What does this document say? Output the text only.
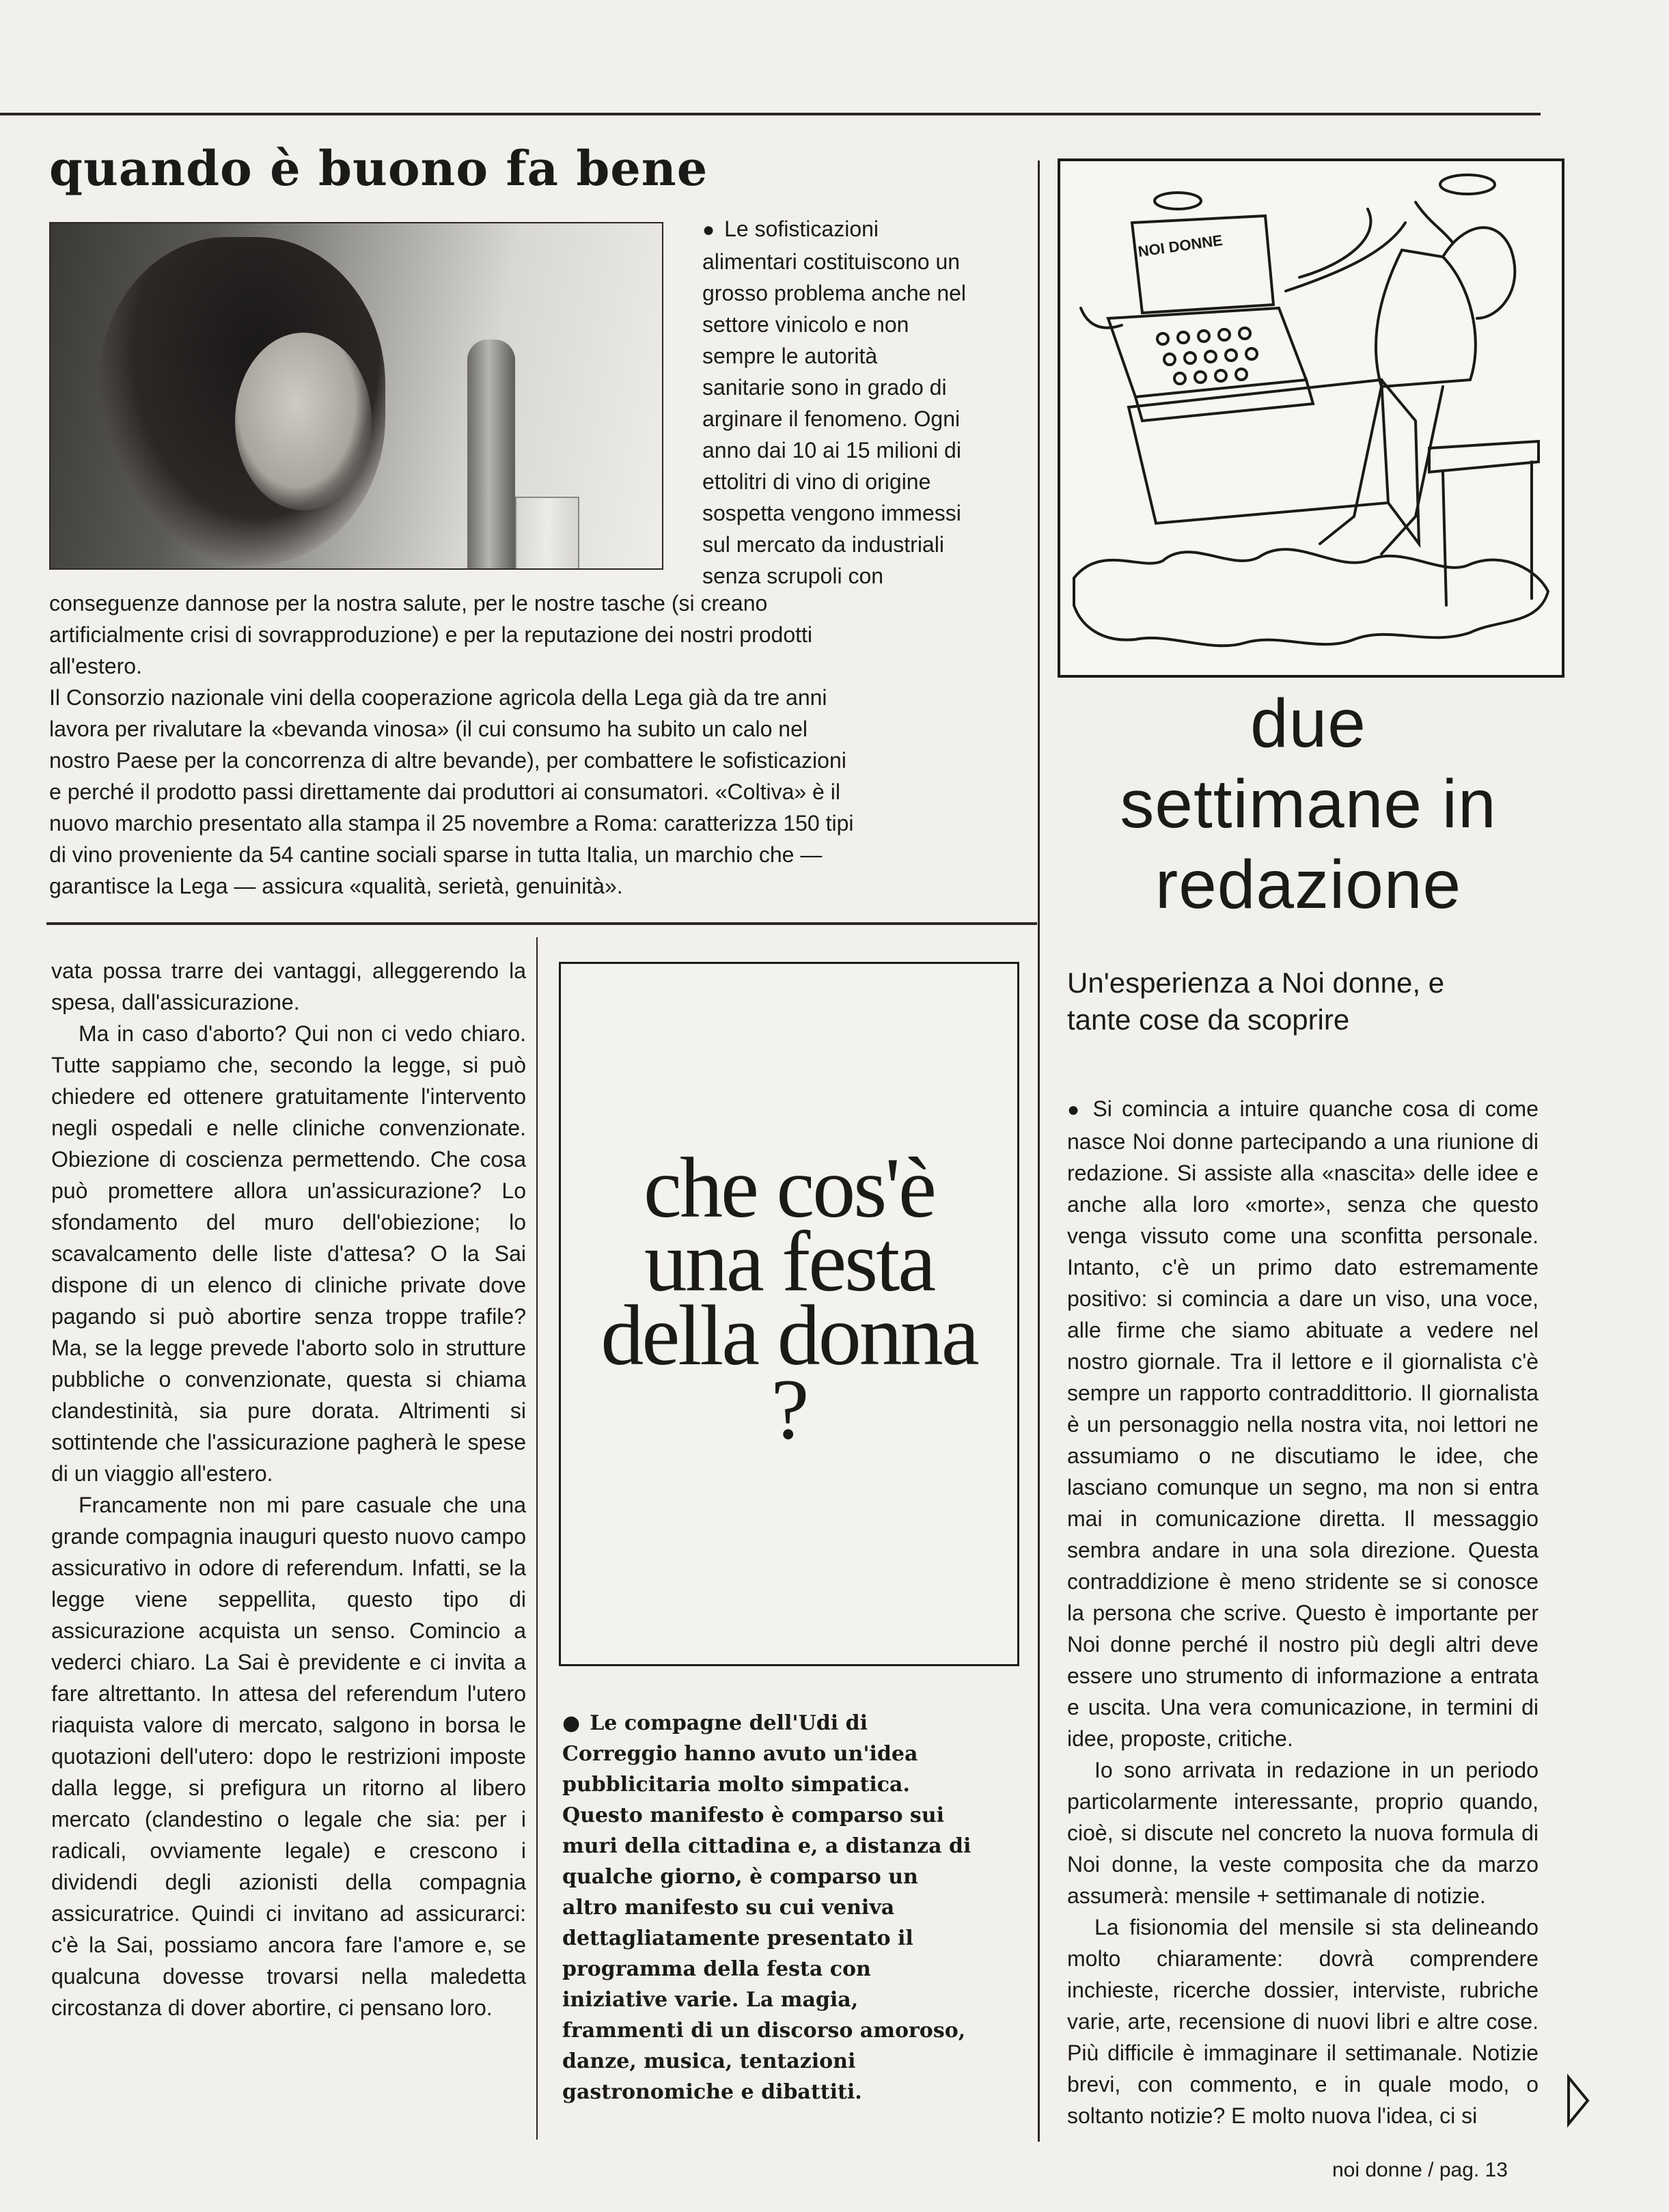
quando è buono fa bene
● Le sofisticazioni
alimentari costituiscono un
grosso problema anche nel
settore vinicolo e non
sempre le autorità
sanitarie sono in grado di
arginare il fenomeno. Ogni
anno dai 10 ai 15 milioni di
ettolitri di vino di origine
sospetta vengono immessi
sul mercato da industriali
senza scrupoli con
conseguenze dannose per la nostra salute, per le nostre tasche (si creano
artificialmente crisi di sovrapproduzione) e per la reputazione dei nostri prodotti
all'estero.
Il Consorzio nazionale vini della cooperazione agricola della Lega già da tre anni
lavora per rivalutare la «bevanda vinosa» (il cui consumo ha subito un calo nel
nostro Paese per la concorrenza di altre bevande), per combattere le sofisticazioni
e perché il prodotto passi direttamente dai produttori ai consumatori. «Coltiva» è il
nuovo marchio presentato alla stampa il 25 novembre a Roma: caratterizza 150 tipi
di vino proveniente da 54 cantine sociali sparse in tutta Italia, un marchio che —
garantisce la Lega — assicura «qualità, serietà, genuinità».

vata possa trarre dei vantaggi, alleggerendo la spesa, dall'assicurazione.

Ma in caso d'aborto? Qui non ci vedo chiaro. Tutte sappiamo che, secondo la legge, si può chiedere ed ottenere gratuitamente l'intervento negli ospedali e nelle cliniche convenzionate. Obiezione di coscienza permettendo. Che cosa può promettere allora un'assicurazione? Lo sfondamento del muro dell'obiezione; lo scavalcamento delle liste d'attesa? O la Sai dispone di un elenco di cliniche private dove pagando si può abortire senza troppe trafile? Ma, se la legge prevede l'aborto solo in strutture pubbliche o convenzionate, questa si chiama clandestinità, sia pure dorata. Altrimenti si sottintende che l'assicurazione pagherà le spese di un viaggio all'estero.

Francamente non mi pare casuale che una grande compagnia inauguri questo nuovo campo assicurativo in odore di referendum. Infatti, se la legge viene seppellita, questo tipo di assicurazione acquista un senso. Comincio a vederci chiaro. La Sai è previdente e ci invita a fare altrettanto. In attesa del referendum l'utero riaquista valore di mercato, salgono in borsa le quotazioni dell'utero: dopo le restrizioni imposte dalla legge, si prefigura un ritorno al libero mercato (clandestino o legale che sia: per i radicali, ovviamente legale) e crescono i dividendi degli azionisti della compagnia assicuratrice. Quindi ci invitano ad assicurarci: c'è la Sai, possiamo ancora fare l'amore e, se qualcuna dovesse trovarsi nella maledetta circostanza di dover abortire, ci pensano loro.

che cos'è
una festa
della donna
?
● Le compagne dell'Udi di Correggio hanno avuto un'idea pubblicitaria molto simpatica. Questo manifesto è comparso sui muri della cittadina e, a distanza di qualche giorno, è comparso un altro manifesto su cui veniva dettagliatamente presentato il programma della festa con iniziative varie. La magia, frammenti di un discorso amoroso, danze, musica, tentazioni gastronomiche e dibattiti.
NOI DONNE
due
settimane in
redazione
Un'esperienza a Noi donne, e
tante cose da scoprire

● Si comincia a intuire quanche cosa di come nasce Noi donne partecipando a una riunione di redazione. Si assiste alla «nascita» delle idee e anche alla loro «morte», senza che questo venga vissuto come una sconfitta personale. Intanto, c'è un primo dato estremamente positivo: si comincia a dare un viso, una voce, alle firme che siamo abituate a vedere nel nostro giornale. Tra il lettore e il giornalista c'è sempre un rapporto contraddittorio. Il giornalista è un personaggio nella nostra vita, noi lettori ne assumiamo o ne discutiamo le idee, che lasciano comunque un segno, ma non si entra mai in comunicazione diretta. Il messaggio sembra andare in una sola direzione. Questa contraddizione è meno stridente se si conosce la persona che scrive. Questo è importante per Noi donne perché il nostro più degli altri deve essere uno strumento di informazione a entrata e uscita. Una vera comunicazione, in termini di idee, proposte, critiche.

Io sono arrivata in redazione in un periodo particolarmente interessante, proprio quando, cioè, si discute nel concreto la nuova formula di Noi donne, la veste composita che da marzo assumerà: mensile + settimanale di notizie.

La fisionomia del mensile si sta delineando molto chiaramente: dovrà comprendere inchieste, ricerche dossier, interviste, rubriche varie, arte, recensione di nuovi libri e altre cose. Più difficile è immaginare il settimanale. Notizie brevi, con commento, e in quale modo, o soltanto notizie? E molto nuova l'idea, ci si

noi donne / pag. 13
